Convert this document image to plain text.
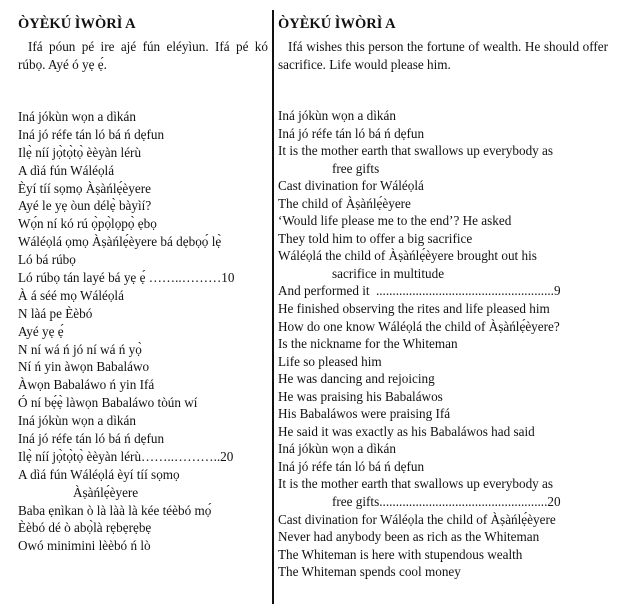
ÒYÈKÚ ÌWÒRÌ A
Ifá póun pé ire ajé fún eléyìun. Ifá pé kó rúbọ. Ayé ó yẹ ẹ́.
Iná jókùn wọn a dìkán
Iná jó réfe tán ló bá ń dẹfun
Ilẹ̀ níí jọ̀tọ̀tọ̀ èèyàn lérù
A dìá fún Wáléọlá
Èyí tíí sọmọ Àṣàńlẹ́èyere
Ayé le yẹ òun délẹ̀ bàyìí?
Wọ́n ní kó rú ọ̀pọ̀lọpọ̀ ẹbọ
Wáléọlá ọmọ Àṣàńlẹ́èyere bá dẹbọọ́ lẹ̀
Ló bá rúbọ
Ló rúbọ tán layé bá yẹ ẹ́ ……..………10
À á séé mọ Wáléọlá
N làá pe Èèbó
Ayé yẹ ẹ́
N ní wá ń jó ní wá ń yọ̀
Ní ń yin àwọn Babaláwo
Àwọn Babaláwo ń yin Ifá
Ó ní bẹ́ẹ̀ làwọn Babaláwo tòún wí
Iná jókùn wọn a dìkán
Iná jó réfe tán ló bá ń dẹfun
Ilẹ̀ níí jọ̀tọ̀tọ̀ èèyàn lérù……..………..20
A dìá fún Wáléọlá èyí tíí sọmọ
Àṣàńlẹ́èyere
Baba ẹnìkan ò là làà là kée téèbó mọ́
Èèbó dé ò abọ̀là rẹbẹrẹbẹ
Owó minimini lèèbó ń lò
ÒYÈKÚ ÌWÒRÌ A
Ifá wishes this person the fortune of wealth. He should offer sacrifice. Life would please him.
Iná jókùn wọn a dìkán
Iná jó réfe tán ló bá ń dẹfun
It is the mother earth that swallows up everybody as
free gifts
Cast divination for Wáléọlá
The child of Àṣàńlẹ́èyere
‘Would life please me to the end’? He asked
They told him to offer a big sacrifice
Wáléọlá the child of Àṣàńlẹ́èyere brought out his
sacrifice in multitude
And performed it ......................................................9
He finished observing the rites and life pleased him
How do one know Wáléọlá the child of Àṣàńlẹ́èyere?
Is the nickname for the Whiteman
Life so pleased him
He was dancing and rejoicing
He was praising his Babaláwos
His Babaláwos were praising Ifá
He said it was exactly as his Babaláwos had said
Iná jókùn wọn a dìkán
Iná jó réfe tán ló bá ń dẹfun
It is the mother earth that swallows up everybody as
free gifts ...................................................20
Cast divination for Wáléọla the child of Àṣàńlẹ́èyere
Never had anybody been as rich as the Whiteman
The Whiteman is here with stupendous wealth
The Whiteman spends cool money
